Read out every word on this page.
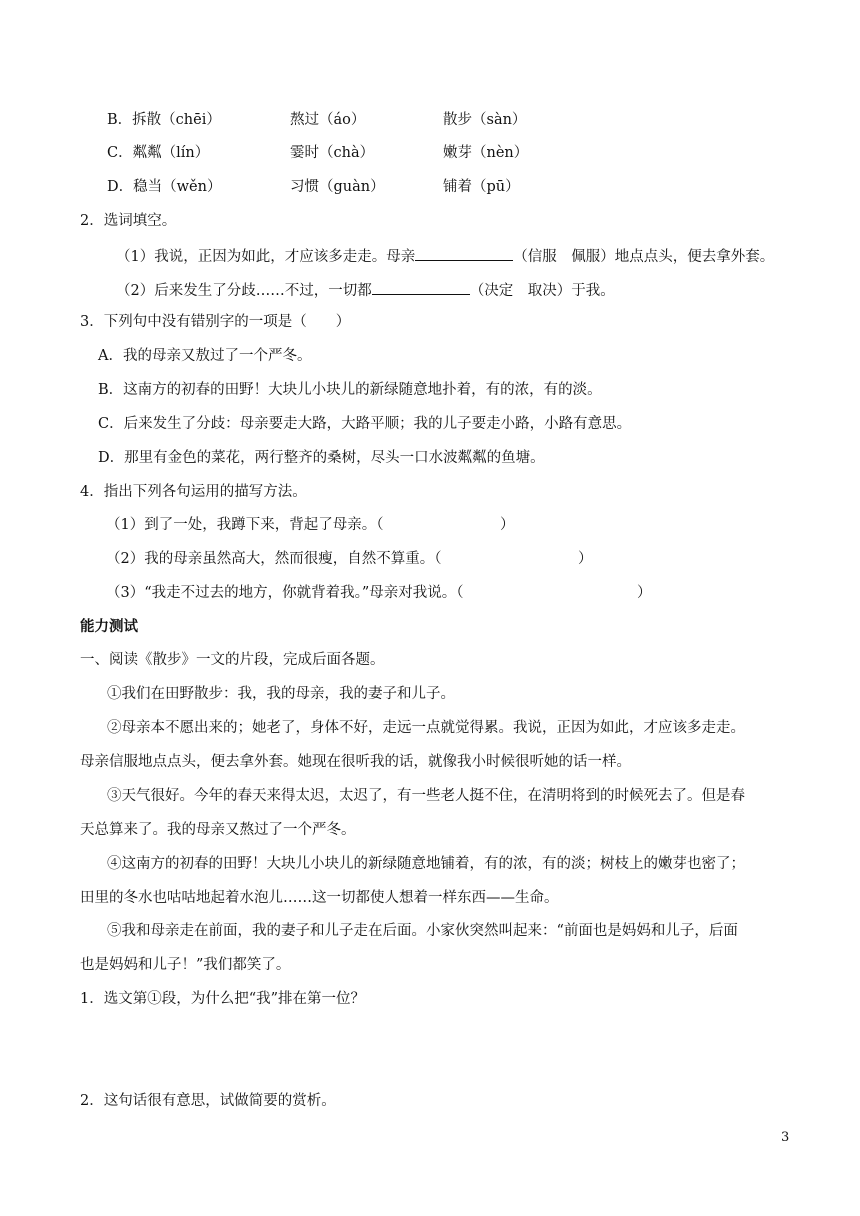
B．拆散（chēi）	熬过（áo）	散步（sàn）
C．粼粼（lín）	霎时（chà）	嫩芽（nèn）
D．稳当（wěn）	习惯（guàn）	铺着（pū）
2．选词填空。
（1）我说，正因为如此，才应该多走走。母亲	（信服　佩服）地点点头，便去拿外套。
（2）后来发生了分歧……不过，一切都	（决定　取决）于我。
3．下列句中没有错别字的一项是（　　）
A．我的母亲又敖过了一个严冬。
B．这南方的初春的田野！大块儿小块儿的新绿随意地扑着，有的浓，有的淡。
C．后来发生了分歧：母亲要走大路，大路平顺；我的儿子要走小路，小路有意思。
D．那里有金色的菜花，两行整齐的桑树，尽头一口水波粼粼的鱼塘。
4．指出下列各句运用的描写方法。
（1）到了一处，我蹲下来，背起了母亲。（	）
（2）我的母亲虽然高大，然而很瘦，自然不算重。（	）
（3）“我走不过去的地方，你就背着我。”母亲对我说。（	）
能力测试
一、阅读《散步》一文的片段，完成后面各题。
①我们在田野散步：我，我的母亲，我的妻子和儿子。
②母亲本不愿出来的；她老了，身体不好，走远一点就觉得累。我说，正因为如此，才应该多走走。
母亲信服地点点头，便去拿外套。她现在很听我的话，就像我小时候很听她的话一样。
③天气很好。今年的春天来得太迟，太迟了，有一些老人挺不住，在清明将到的时候死去了。但是春
天总算来了。我的母亲又熬过了一个严冬。
④这南方的初春的田野！大块儿小块儿的新绿随意地铺着，有的浓，有的淡；树枝上的嫩芽也密了；
田里的冬水也咕咕地起着水泡儿……这一切都使人想着一样东西——生命。
⑤我和母亲走在前面，我的妻子和儿子走在后面。小家伙突然叫起来：“前面也是妈妈和儿子，后面
也是妈妈和儿子！”我们都笑了。
1．选文第①段，为什么把“我”排在第一位？
2．这句话很有意思，试做简要的赏析。
3
